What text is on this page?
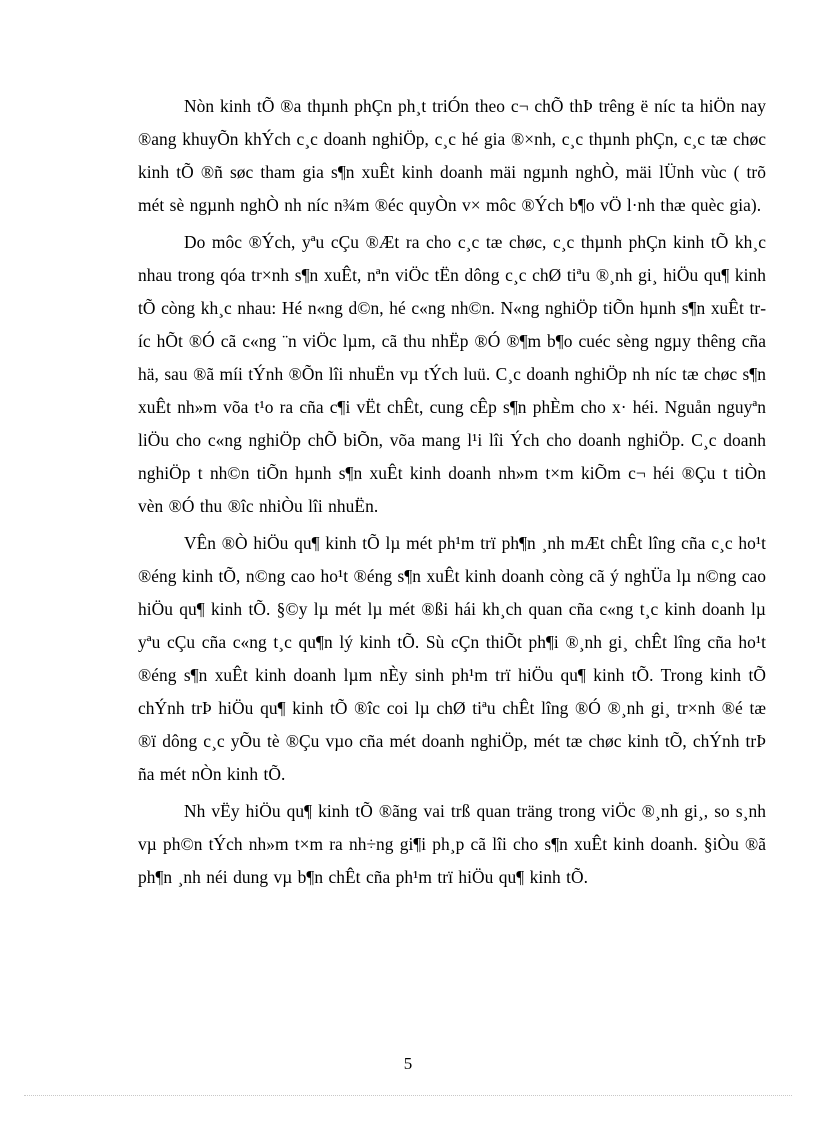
Nòn kinh tÕ ®a thµnh phÇn ph¸t triÓn theo c¬ chÕ thÞ trêng ë níc ta hiÖn nay ®ang khuyÕn khÝch c¸c doanh nghiÖp, c¸c hé gia ®×nh, c¸c thµnh phÇn, c¸c tæ chøc kinh tÕ ®ñ søc tham gia s¶n xuÊt kinh doanh mäi ngµnh nghÒ, mäi lÜnh vùc ( trõ mét sè ngµnh nghÒ nh níc n¾m ®éc quyÒn v× môc ®Ých b¶o vÖ l·nh thæ quèc gia).

Do môc ®Ých, yªu cÇu ®Æt ra cho c¸c tæ chøc, c¸c thµnh phÇn kinh tÕ kh¸c nhau trong qóa tr×nh s¶n xuÊt, nªn viÖc tËn dông c¸c chØ tiªu ®¸nh gi¸ hiÖu qu¶ kinh tÕ còng kh¸c nhau: Hé n«ng d©n, hé c«ng nh©n. N«ng nghiÖp tiÕn hµnh s¶n xuÊt tríc hÕt ®Ó cã c«ng ¨n viÖc lµm, cã thu nhËp ®Ó ®¶m b¶o cuéc sèng ngµy thêng cña hä, sau ®ã míi tÝnh ®Õn lîi nhuËn vµ tÝch luü. C¸c doanh nghiÖp nh níc tæ chøc s¶n xuÊt nh»m võa t¹o ra cña c¶i vËt chÊt, cung cÊp s¶n phÈm cho x· héi. Nguån nguyªn liÖu cho c«ng nghiÖp chÕ biÕn, võa mang l¹i lîi Ých cho doanh nghiÖp. C¸c doanh nghiÖp t nh©n tiÕn hµnh s¶n xuÊt kinh doanh nh»m t×m kiÕm c¬ héi ®Çu t tiÒn vèn ®Ó thu ®îc nhiÒu lîi nhuËn.

VÊn ®Ò hiÖu qu¶ kinh tÕ lµ mét ph¹m trï ph¶n ¸nh mÆt chÊt lîng cña c¸c ho¹t ®éng kinh tÕ, n©ng cao ho¹t ®éng s¶n xuÊt kinh doanh còng cã ý nghÜa lµ n©ng cao hiÖu qu¶ kinh tÕ. §©y lµ mét lµ mét ®ßi hái kh¸ch quan cña c«ng t¸c kinh doanh lµ yªu cÇu cña c«ng t¸c qu¶n lý kinh tÕ. Sù cÇn thiÕt ph¶i ®¸nh gi¸ chÊt lîng cña ho¹t ®éng s¶n xuÊt kinh doanh lµm nÈy sinh ph¹m trï hiÖu qu¶ kinh tÕ. Trong kinh tÕ chÝnh trÞ hiÖu qu¶ kinh tÕ ®îc coi lµ chØ tiªu chÊt lîng ®Ó ®¸nh gi¸ tr×nh ®é tæ ®ï dông c¸c yÕu tè ®Çu vµo cña mét doanh nghiÖp, mét tæ chøc kinh tÕ, chÝnh trÞ ña mét nÒn kinh tÕ.

Nh vËy hiÖu qu¶ kinh tÕ ®ãng vai trß quan träng trong viÖc ®¸nh gi¸, so s¸nh vµ ph©n tÝch nh»m t×m ra nh÷ng gi¶i ph¸p cã lîi cho s¶n xuÊt kinh doanh. §iÒu ®ã ph¶n ¸nh néi dung vµ b¶n chÊt cña ph¹m trï hiÖu qu¶ kinh tÕ.

5
